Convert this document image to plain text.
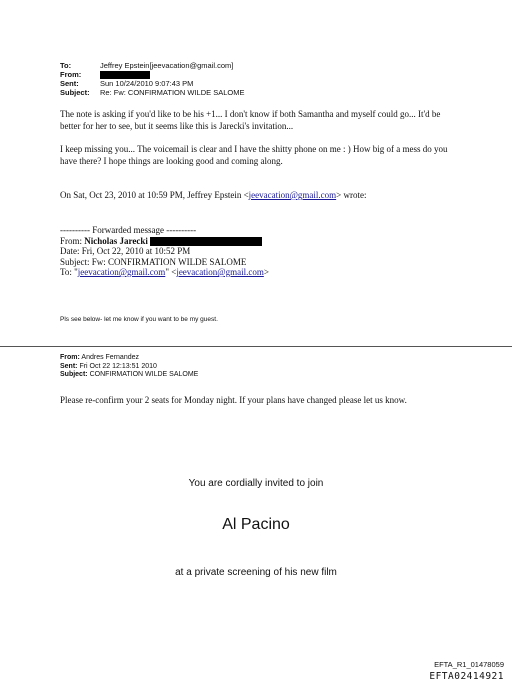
To:	Jeffrey Epstein[jeevacation@gmail.com]
From:
Sent:	Sun 10/24/2010 9:07:43 PM
Subject: Re: Fw: CONFIRMATION WILDE SALOME
The note is asking if you'd like to be his +1... I don't know if both Samantha and myself could go... It'd be better for her to see, but it seems like this is Jarecki's invitation...
I keep missing you... The voicemail is clear and I have the shitty phone on me : ) How big of a mess do you have there? I hope things are looking good and coming along.
On Sat, Oct 23, 2010 at 10:59 PM, Jeffrey Epstein <jeevacation@gmail.com> wrote:
---------- Forwarded message ----------
From: Nicholas Jarecki
Date: Fri, Oct 22, 2010 at 10:52 PM
Subject: Fw: CONFIRMATION WILDE SALOME
To: "jeevacation@gmail.com" <jeevacation@gmail.com>
Pls see below- let me know if you want to be my guest.
From: Andres Fernandez
Sent: Fri Oct 22 12:13:51 2010
Subject: CONFIRMATION WILDE SALOME
Please re-confirm your 2 seats for Monday night. If your plans have changed please let us know.
You are cordially invited to join
Al Pacino
at a private screening of his new film
EFTA_R1_01478059
EFTA02414921
